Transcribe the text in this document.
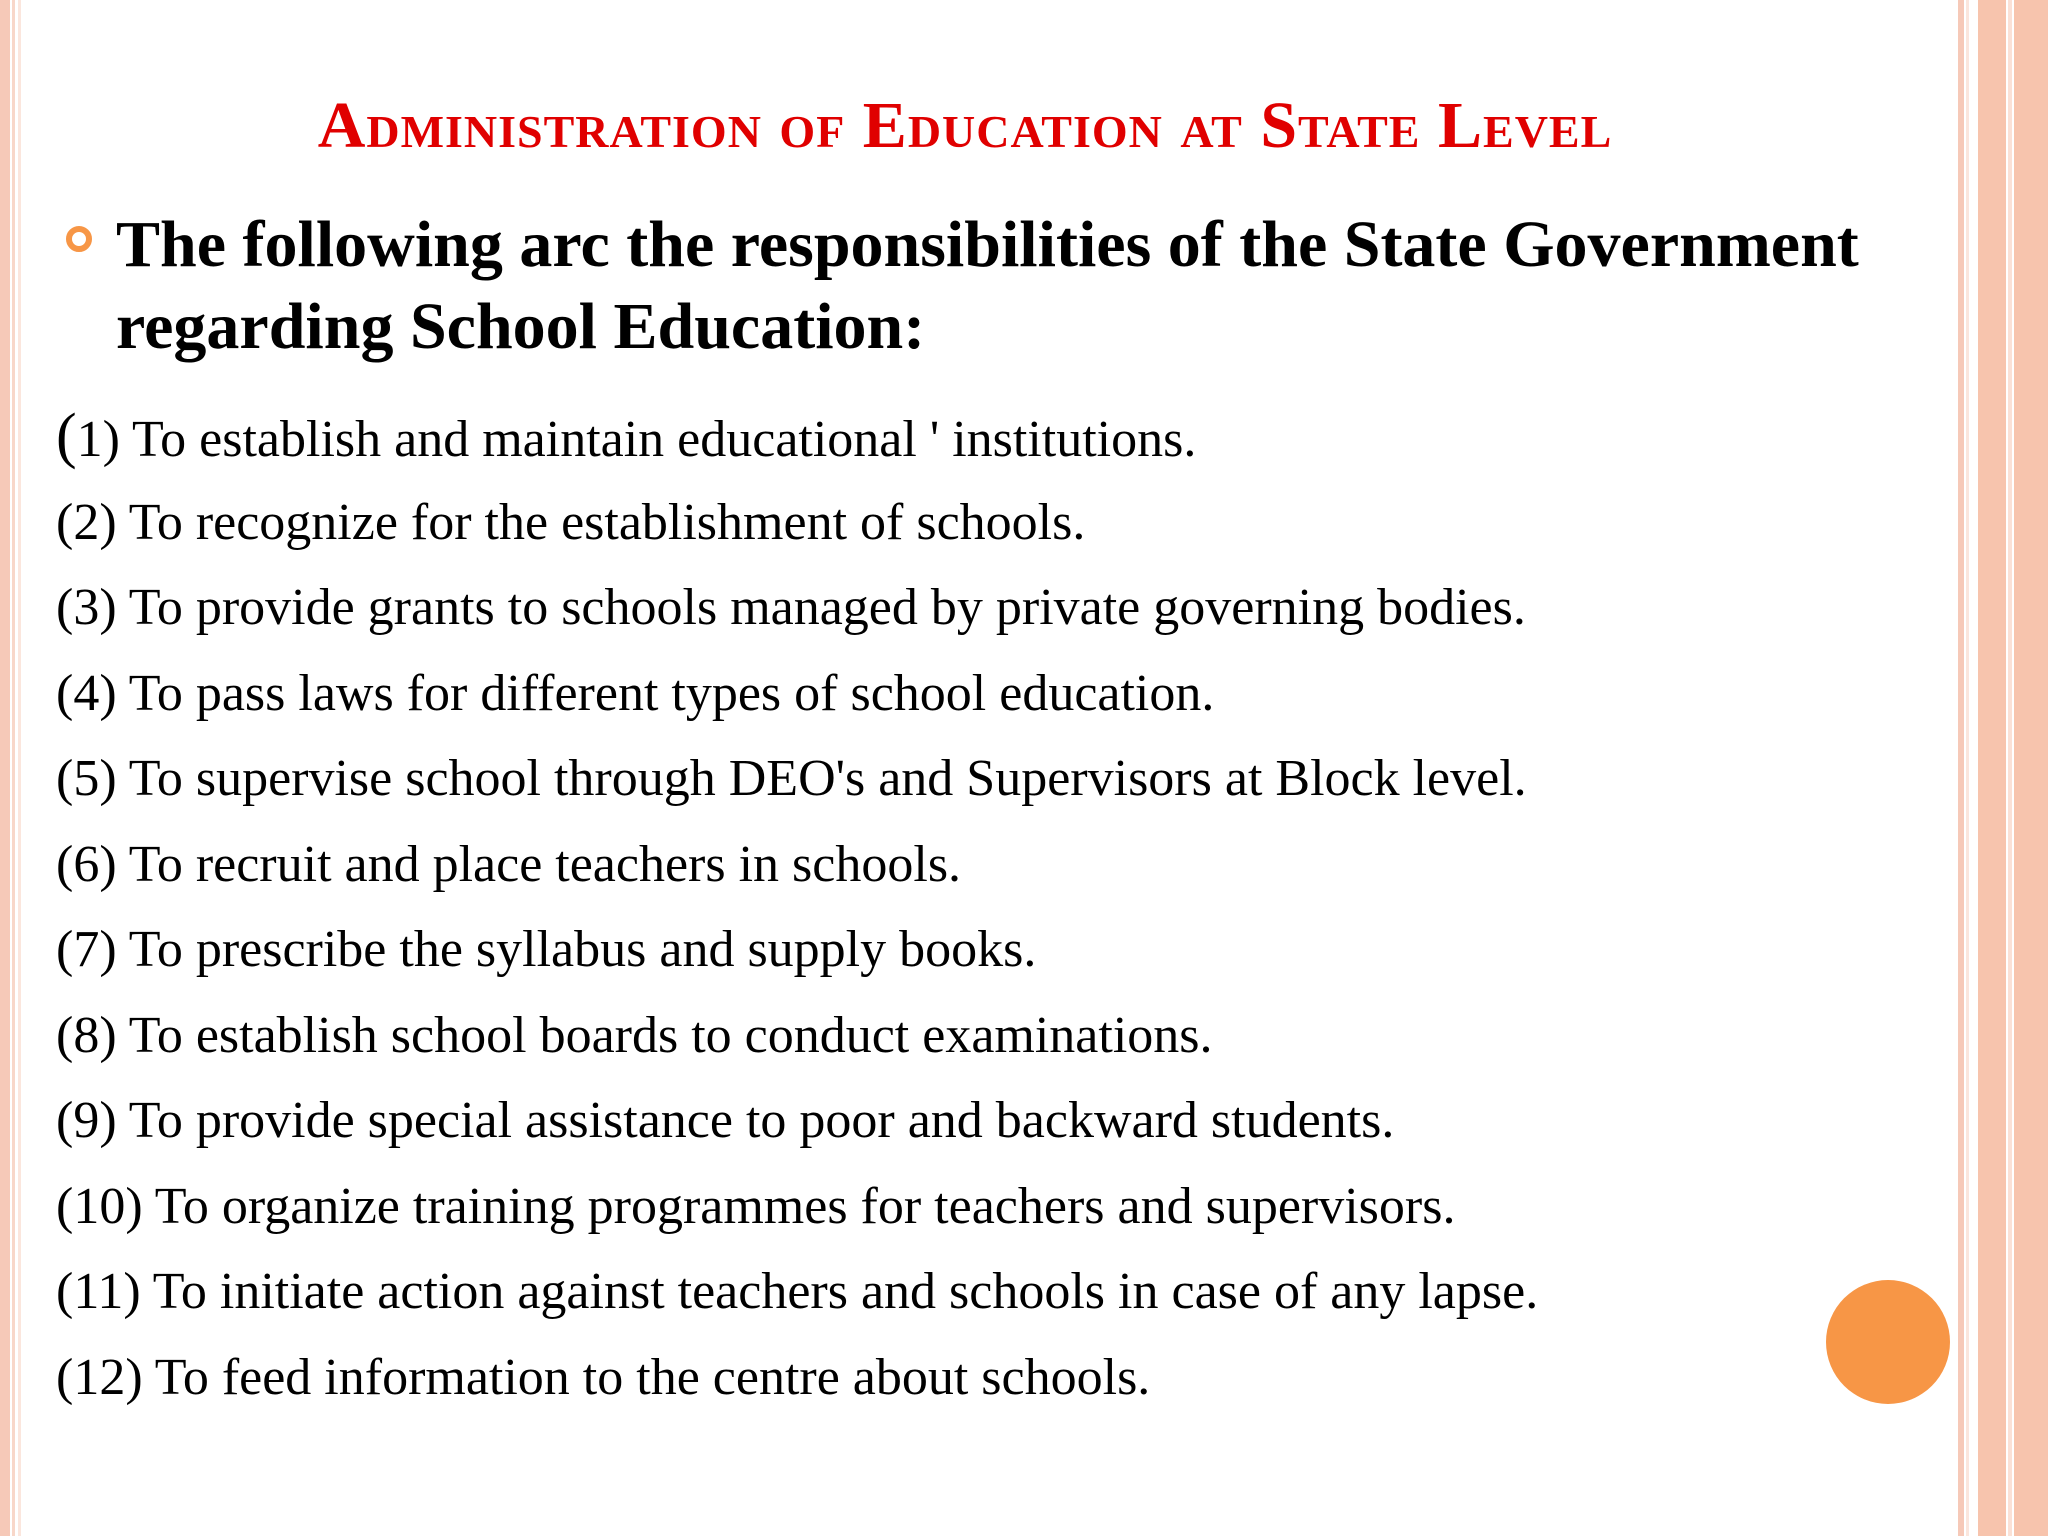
Administration of Education at State Level
The following arc the responsibilities of the State Government regarding School Education:
(1) To establish and maintain educational ' institutions.
(2) To recognize for the establishment of schools.
(3) To provide grants to schools managed by private governing bodies.
(4) To pass laws for different types of school education.
(5) To supervise school through DEO's and Supervisors at Block level.
(6) To recruit and place teachers in schools.
(7) To prescribe the syllabus and supply books.
(8) To establish school boards to conduct examinations.
(9) To provide special assistance to poor and backward students.
(10) To organize training programmes for teachers and supervisors.
(11) To initiate action against teachers and schools in case of any lapse.
(12) To feed information to the centre about schools.
